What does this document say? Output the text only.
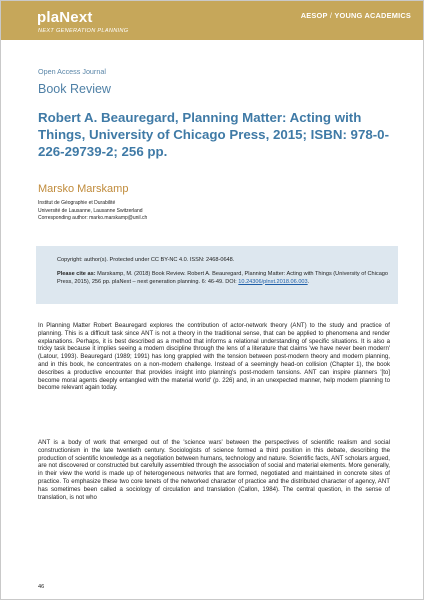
plaNext
NEXT GENERATION PLANNING
AESOP / YOUNG ACADEMICS
Open Access Journal
Book Review
Robert A. Beauregard, Planning Matter: Acting with Things, University of Chicago Press, 2015; ISBN: 978-0-226-29739-2; 256 pp.
Marsko Marskamp
Institut de Géographie et Durabilité
Université de Lausanne, Lausanne Switzerland
Corresponding author: marko.marskamp@unil.ch
Copyright: author(s). Protected under CC BY-NC 4.0. ISSN: 2468-0648.
Please cite as: Marskamp, M. (2018) Book Review. Robert A. Beauregard, Planning Matter: Acting with Things (University of Chicago Press, 2015), 256 pp. plaNext – next generation planning. 6: 46-49. DOI: 10.24306/plnxt.2018.06.003.
In Planning Matter Robert Beauregard explores the contribution of actor-network theory (ANT) to the study and practice of planning. This is a difficult task since ANT is not a theory in the traditional sense, that can be applied to phenomena and render explanations. Perhaps, it is best described as a method that informs a relational understanding of specific situations. It is also a tricky task because it implies seeing a modern discipline through the lens of a literature that claims 'we have never been modern' (Latour, 1993). Beauregard (1989; 1991) has long grappled with the tension between post-modern theory and modern planning, and in this book, he concentrates on a non-modern challenge. Instead of a seemingly head-on collision (Chapter 1), the book describes a productive encounter that provides insight into planning's post-modern tensions. ANT can inspire planners '[to] become moral agents deeply entangled with the material world' (p. 226) and, in an unexpected manner, help modern planning to become relevant again today.
ANT is a body of work that emerged out of the 'science wars' between the perspectives of scientific realism and social constructionism in the late twentieth century. Sociologists of science formed a third position in this debate, describing the production of scientific knowledge as a negotiation between humans, technology and nature. Scientific facts, ANT scholars argued, are not discovered or constructed but carefully assembled through the association of social and material elements. More generally, in their view the world is made up of heterogeneous networks that are formed, negotiated and maintained in concrete sites of practice. To emphasize these two core tenets of the networked character of practice and the distributed character of agency, ANT has sometimes been called a sociology of circulation and translation (Callon, 1984). The central question, in the sense of translation, is not who
46
